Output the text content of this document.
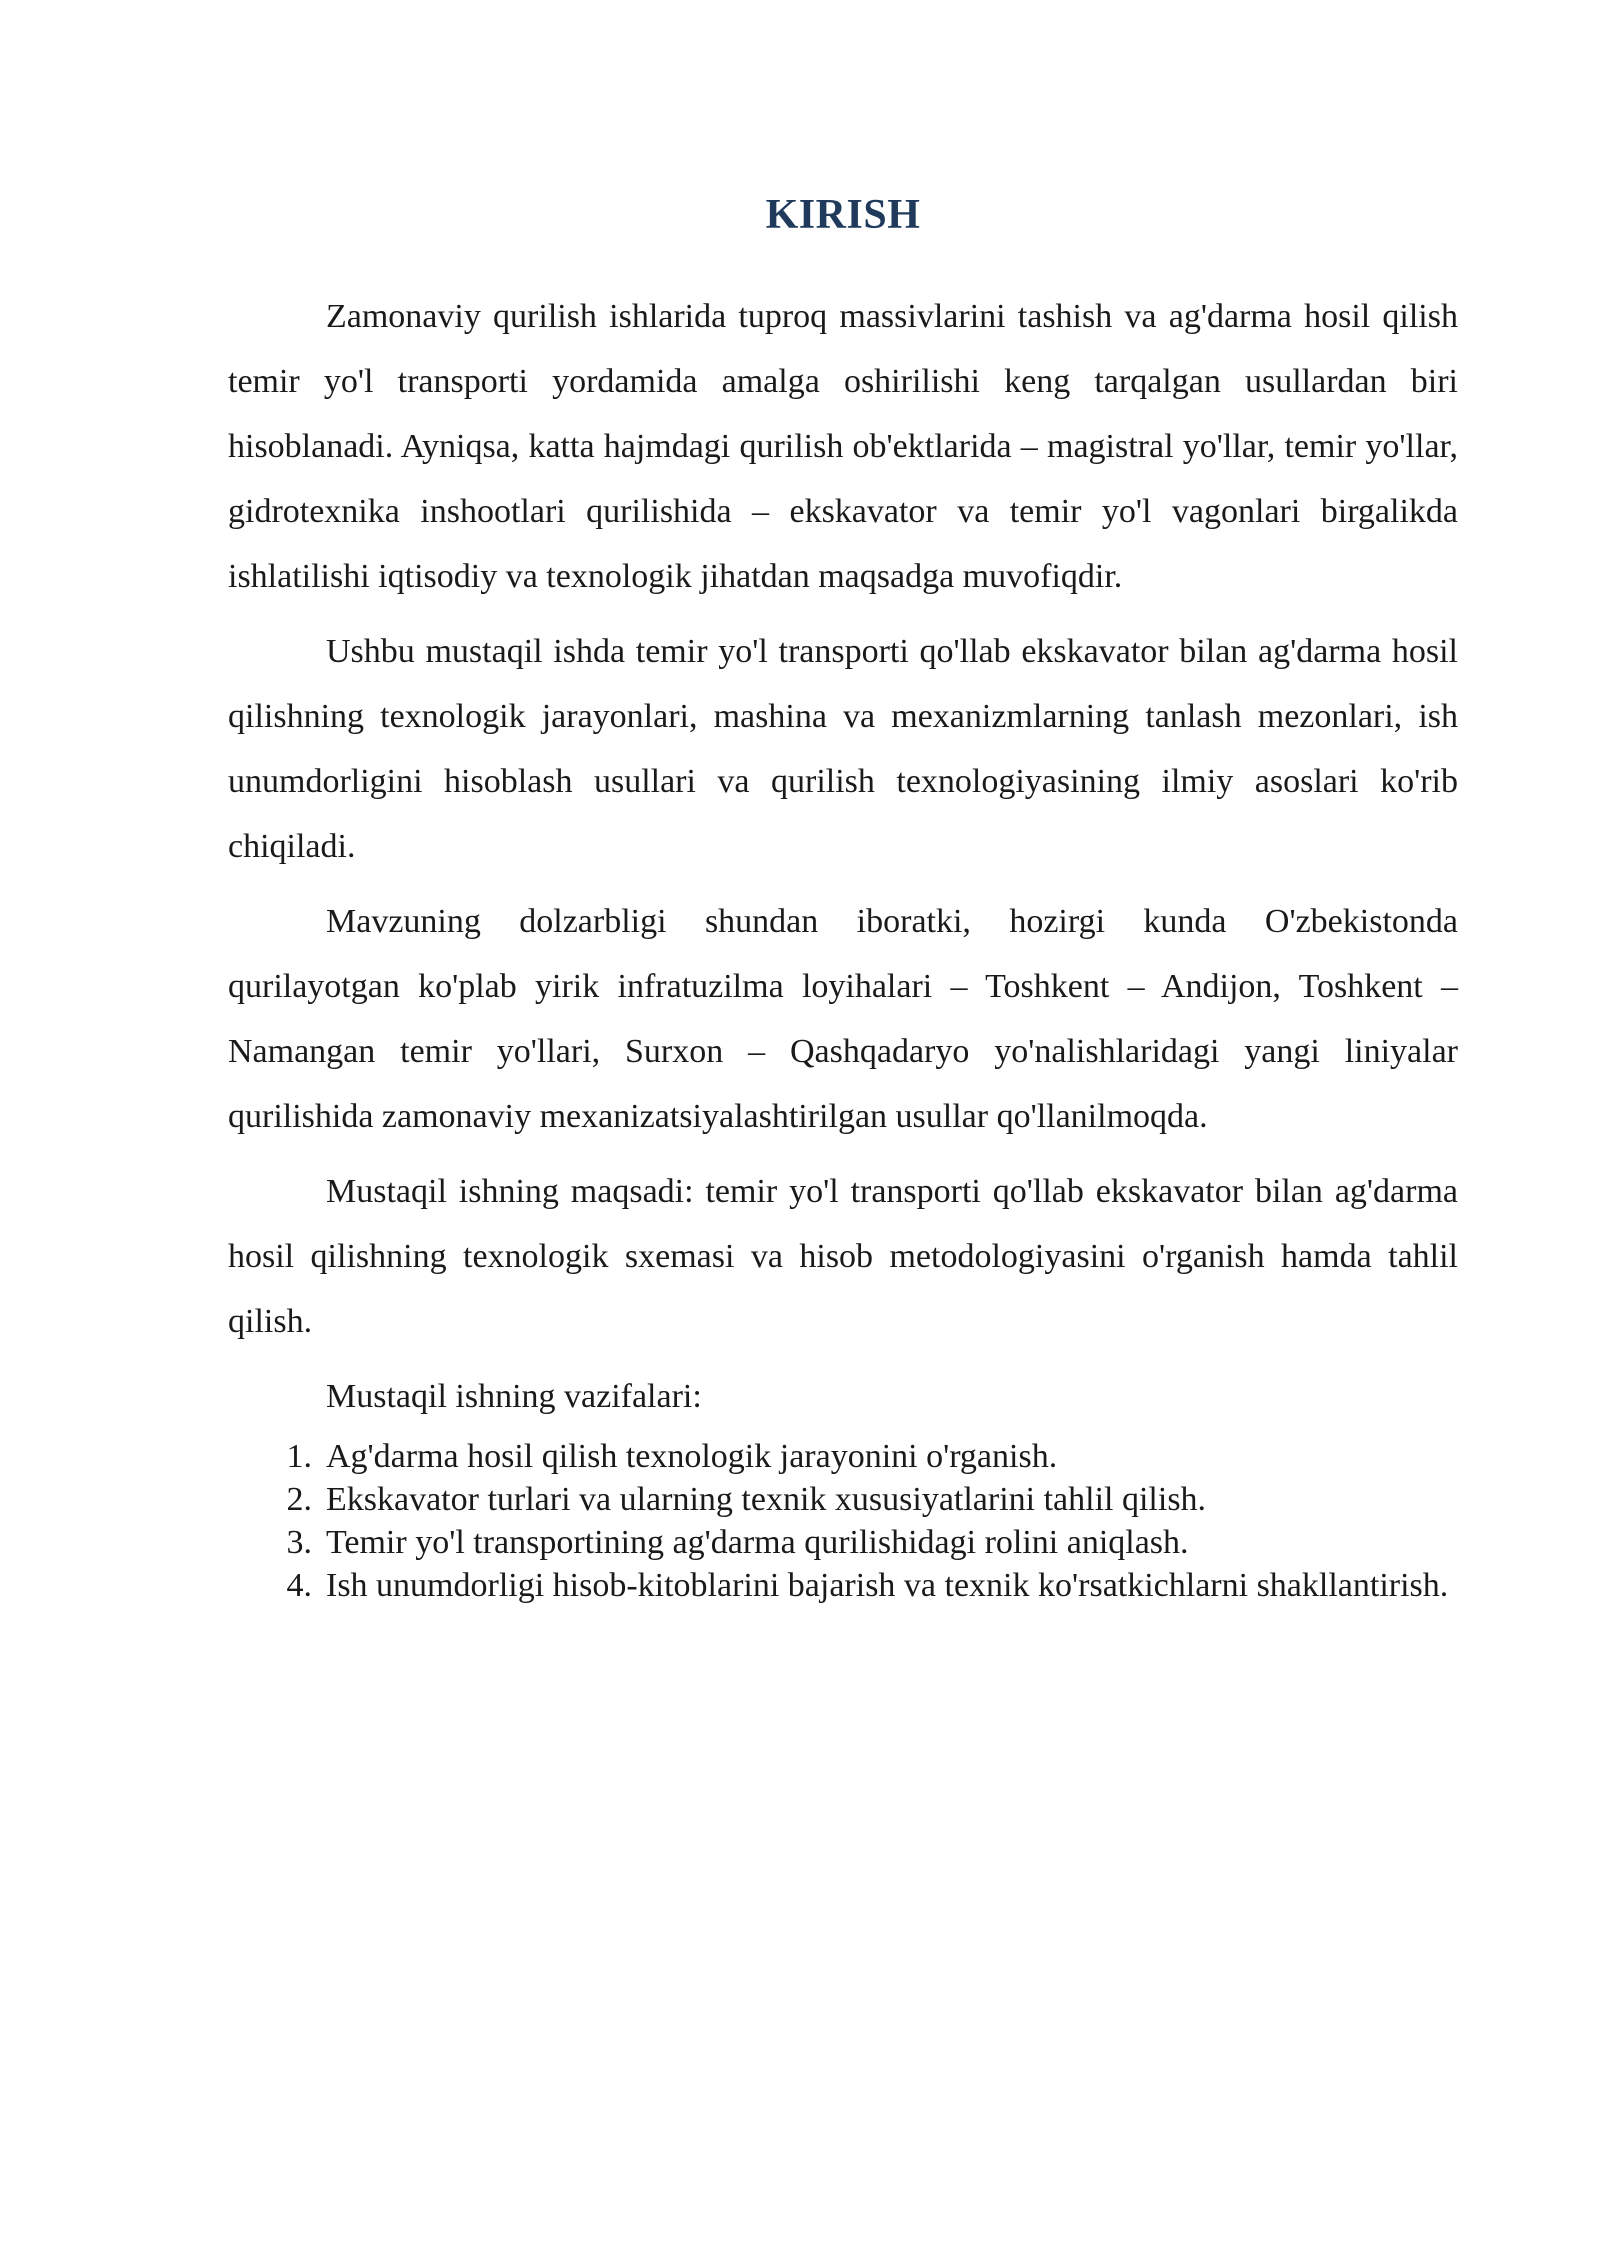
KIRISH

Zamonaviy qurilish ishlarida tuproq massivlarini tashish va ag'darma hosil qilish temir yo'l transporti yordamida amalga oshirilishi keng tarqalgan usullardan biri hisoblanadi. Ayniqsa, katta hajmdagi qurilish ob'ektlarida – magistral yo'llar, temir yo'llar, gidrotexnika inshootlari qurilishida – ekskavator va temir yo'l vagonlari birgalikda ishlatilishi iqtisodiy va texnologik jihatdan maqsadga muvofiqdir.

Ushbu mustaqil ishda temir yo'l transporti qo'llab ekskavator bilan ag'darma hosil qilishning texnologik jarayonlari, mashina va mexanizmlarning tanlash mezonlari, ish unumdorligini hisoblash usullari va qurilish texnologiyasining ilmiy asoslari ko'rib chiqiladi.

Mavzuning dolzarbligi shundan iboratki, hozirgi kunda O'zbekistonda qurilayotgan ko'plab yirik infratuzilma loyihalari – Toshkent – Andijon, Toshkent – Namangan temir yo'llari, Surxon – Qashqadaryo yo'nalishlaridagi yangi liniyalar qurilishida zamonaviy mexanizatsiyalashtirilgan usullar qo'llanilmoqda.

Mustaqil ishning maqsadi: temir yo'l transporti qo'llab ekskavator bilan ag'darma hosil qilishning texnologik sxemasi va hisob metodologiyasini o'rganish hamda tahlil qilish.

Mustaqil ishning vazifalari:

1. Ag'darma hosil qilish texnologik jarayonini o'rganish.
2. Ekskavator turlari va ularning texnik xususiyatlarini tahlil qilish.
3. Temir yo'l transportining ag'darma qurilishidagi rolini aniqlash.
4. Ish unumdorligi hisob-kitoblarini bajarish va texnik ko'rsatkichlarni shakllantirish.
